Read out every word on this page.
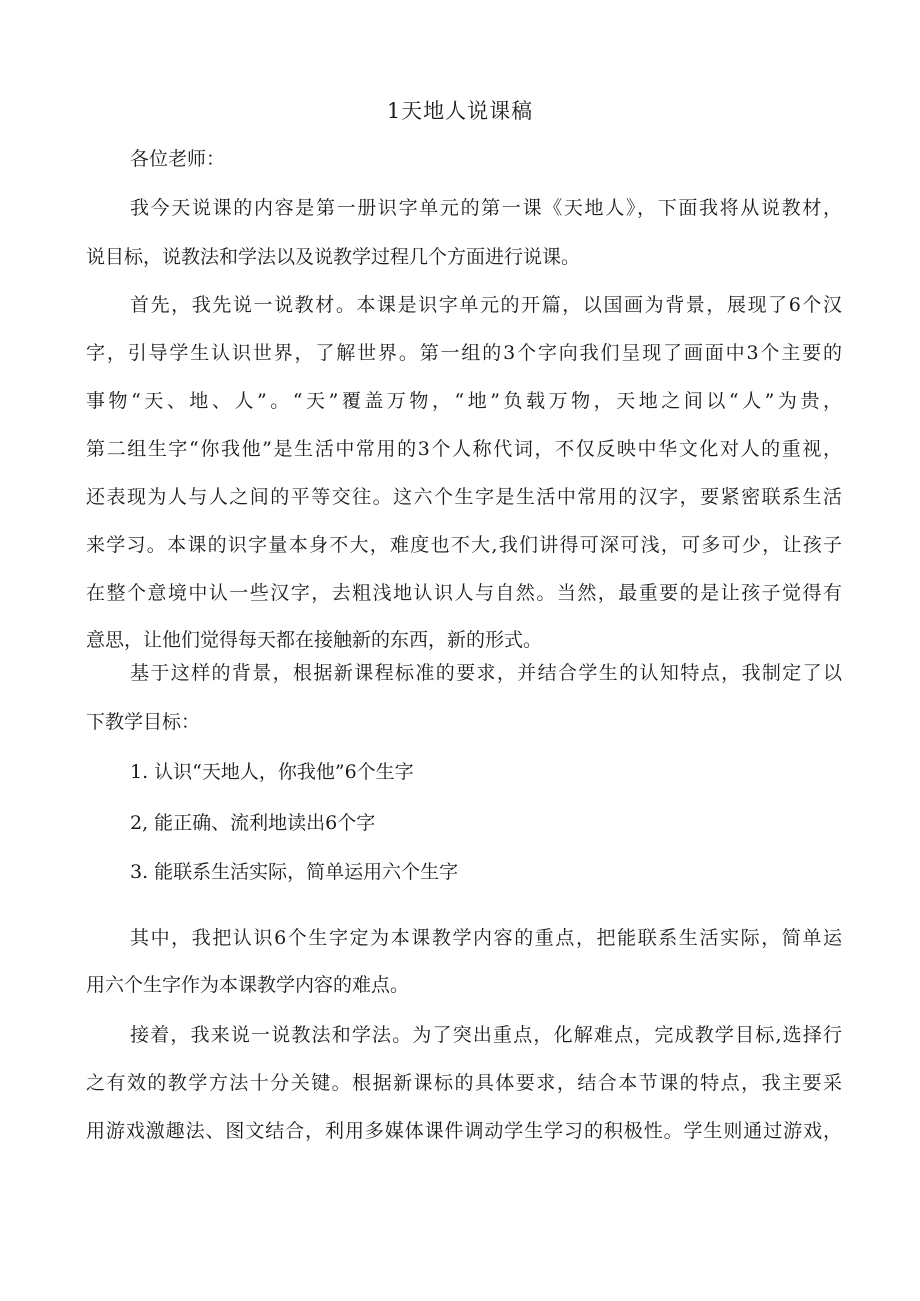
1天地人说课稿
各位老师：
我今天说课的内容是第一册识字单元的第一课《天地人》，下面我将从说教材，
说目标，说教法和学法以及说教学过程几个方面进行说课。
首先，我先说一说教材。本课是识字单元的开篇，以国画为背景，展现了6个汉
字，引导学生认识世界，了解世界。第一组的3个字向我们呈现了画面中3个主要的
事物“天、地、人”。“天”覆盖万物，“地”负载万物，天地之间以“人”为贵，
第二组生字“你我他”是生活中常用的3个人称代词，不仅反映中华文化对人的重视，
还表现为人与人之间的平等交往。这六个生字是生活中常用的汉字，要紧密联系生活
来学习。本课的识字量本身不大，难度也不大,我们讲得可深可浅，可多可少，让孩子
在整个意境中认一些汉字，去粗浅地认识人与自然。当然，最重要的是让孩子觉得有
意思，让他们觉得每天都在接触新的东西，新的形式。
基于这样的背景，根据新课程标准的要求，并结合学生的认知特点，我制定了以
下教学目标：
1. 认识“天地人，你我他”6个生字
2, 能正确、流利地读出6个字
3. 能联系生活实际，简单运用六个生字
其中，我把认识6个生字定为本课教学内容的重点，把能联系生活实际，简单运
用六个生字作为本课教学内容的难点。
接着，我来说一说教法和学法。为了突出重点，化解难点，完成教学目标,选择行
之有效的教学方法十分关键。根据新课标的具体要求，结合本节课的特点，我主要采
用游戏激趣法、图文结合，利用多媒体课件调动学生学习的积极性。学生则通过游戏，
